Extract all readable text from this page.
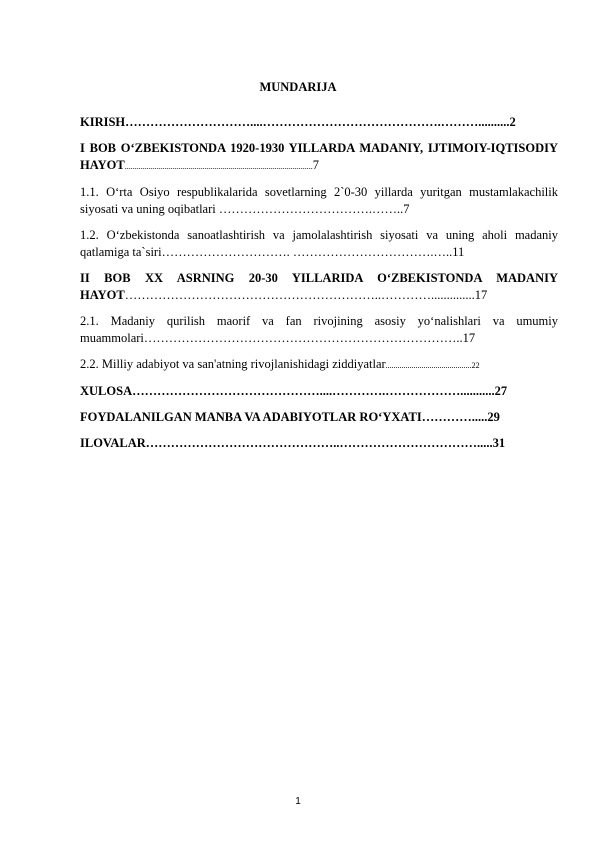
MUNDARIJA
KIRISH…………………………....…………………………………….………..........2
I BOB O‘ZBEKISTONDA 1920-1930 YILLARDA MADANIY, IJTIMOIY-IQTISODIY HAYOT..............................................................................................7
1.1. O‘rta Osiyo respublikalarida sovetlarning 2`0-30 yillarda yuritgan mustamlakachilik siyosati va uning oqibatlari ……………………………….……..7
1.2. O‘zbekistonda sanoatlashtirish va jamolalashtirish siyosati va uning aholi madaniy qatlamiga ta`siri…………………………. …………………………….…..11
II BOB XX ASRNING 20-30 YILLARIDA O‘ZBEKISTONDA MADANIY HAYOT……………………………………………………..…………..............17
2.1. Madaniy qurilish maorif va fan rivojining asosiy yo‘nalishlari va umumiy muammolari…………………………………………………………………..17
2.2. Milliy adabiyot va san'atning rivojlanishidagi ziddiyatlar...........................................22
XULOSA………………………………………....………….………………...........27
FOYDALANILGAN MANBA VA ADABIYOTLAR RO‘YXATI………….....29
ILOVALAR………………………………………..…………………………….....31
1
